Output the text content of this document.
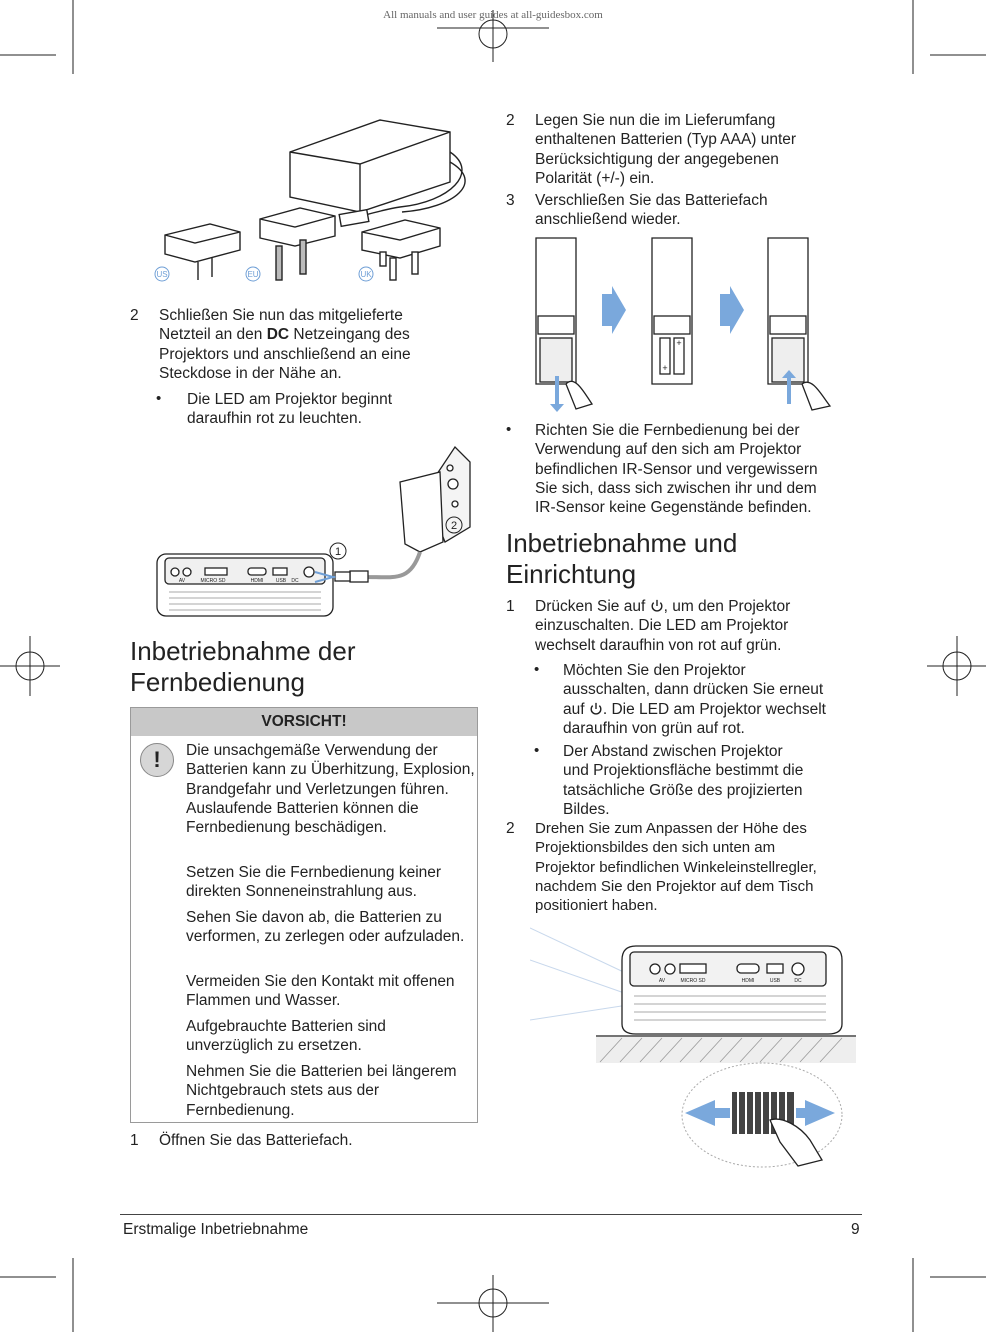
All manuals and user guides at all-guidesbox.com
US	EU	UK
2 Schließen Sie nun das mitgelieferte
Netzteil an den DC Netzeingang des
Projektors und anschließend an eine
Steckdose in der Nähe an.
• Die LED am Projektor beginnt
daraufhin rot zu leuchten.
AV	MICRO SD	HDMI USB DC
1
2
Inbetriebnahme der
Fernbedienung
VORSICHT!
!	Die unsachgemäße Verwendung der Batterien kann zu Überhitzung, Explosion, Brandgefahr und Verletzungen führen. Auslaufende Batterien können die Fernbedienung beschädigen.

Setzen Sie die Fernbedienung keiner direkten Sonneneinstrahlung aus.

Sehen Sie davon ab, die Batterien zu verformen, zu zerlegen oder aufzuladen.

Vermeiden Sie den Kontakt mit offenen Flammen und Wasser.

Aufgebrauchte Batterien sind unverzüglich zu ersetzen.

Nehmen Sie die Batterien bei längerem Nichtgebrauch stets aus der Fernbedienung.

1 Öffnen Sie das Batteriefach.
2 Legen Sie nun die im Lieferumfang
enthaltenen Batterien (Typ AAA) unter
Berücksichtigung der angegebenen
Polarität (+/-) ein.
3 Verschließen Sie das Batteriefach
anschließend wieder.
+
+
• Richten Sie die Fernbedienung bei der
Verwendung auf den sich am Projektor
befindlichen IR-Sensor und vergewissern
Sie sich, dass sich zwischen ihr und dem
IR-Sensor keine Gegenstände befinden.
Inbetriebnahme und
Einrichtung
1 Drücken Sie auf , um den Projektor
einzuschalten. Die LED am Projektor
wechselt daraufhin von rot auf grün.
• Möchten Sie den Projektor
ausschalten, dann drücken Sie erneut
auf . Die LED am Projektor wechselt
daraufhin von grün auf rot.
• Der Abstand zwischen Projektor
und Projektionsfläche bestimmt die
tatsächliche Größe des projizierten
Bildes.
2 Drehen Sie zum Anpassen der Höhe des
Projektionsbildes den sich unten am
Projektor befindlichen Winkeleinstellregler,
nachdem Sie den Projektor auf dem Tisch
positioniert haben.
AV	MICRO SD	HDMI	USB	DC
Erstmalige Inbetriebnahme	9
